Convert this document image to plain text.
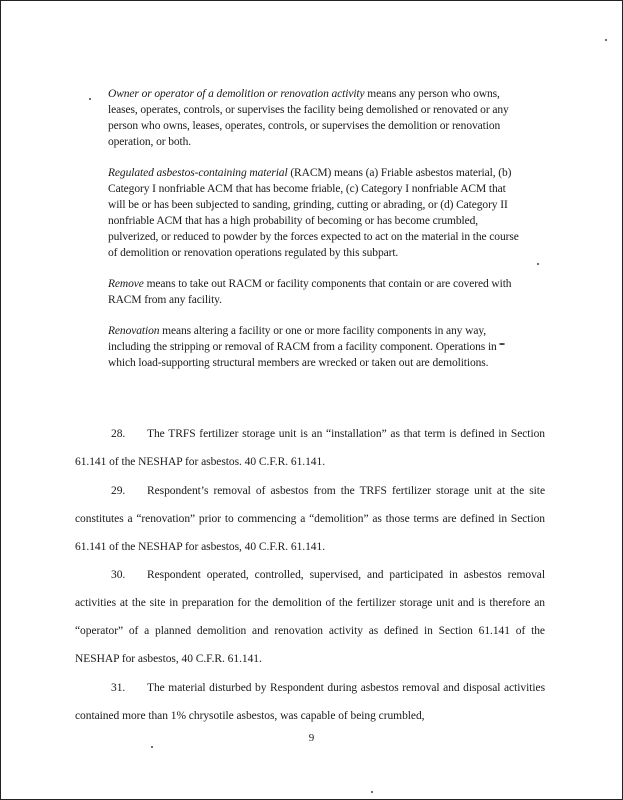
Owner or operator of a demolition or renovation activity means any person who owns, leases, operates, controls, or supervises the facility being demolished or renovated or any person who owns, leases, operates, controls, or supervises the demolition or renovation operation, or both.

Regulated asbestos-containing material (RACM) means (a) Friable asbestos material, (b) Category I nonfriable ACM that has become friable, (c) Category I nonfriable ACM that will be or has been subjected to sanding, grinding, cutting or abrading, or (d) Category II nonfriable ACM that has a high probability of becoming or has become crumbled, pulverized, or reduced to powder by the forces expected to act on the material in the course of demolition or renovation operations regulated by this subpart.

Remove means to take out RACM or facility components that contain or are covered with RACM from any facility.

Renovation means altering a facility or one or more facility components in any way, including the stripping or removal of RACM from a facility component. Operations in which load-supporting structural members are wrecked or taken out are demolitions.

28. The TRFS fertilizer storage unit is an “installation” as that term is defined in Section 61.141 of the NESHAP for asbestos. 40 C.F.R. 61.141.

29. Respondent’s removal of asbestos from the TRFS fertilizer storage unit at the site constitutes a “renovation” prior to commencing a “demolition” as those terms are defined in Section 61.141 of the NESHAP for asbestos, 40 C.F.R. 61.141.

30. Respondent operated, controlled, supervised, and participated in asbestos removal activities at the site in preparation for the demolition of the fertilizer storage unit and is therefore an “operator” of a planned demolition and renovation activity as defined in Section 61.141 of the NESHAP for asbestos, 40 C.F.R. 61.141.

31. The material disturbed by Respondent during asbestos removal and disposal activities contained more than 1% chrysotile asbestos, was capable of being crumbled,

9
